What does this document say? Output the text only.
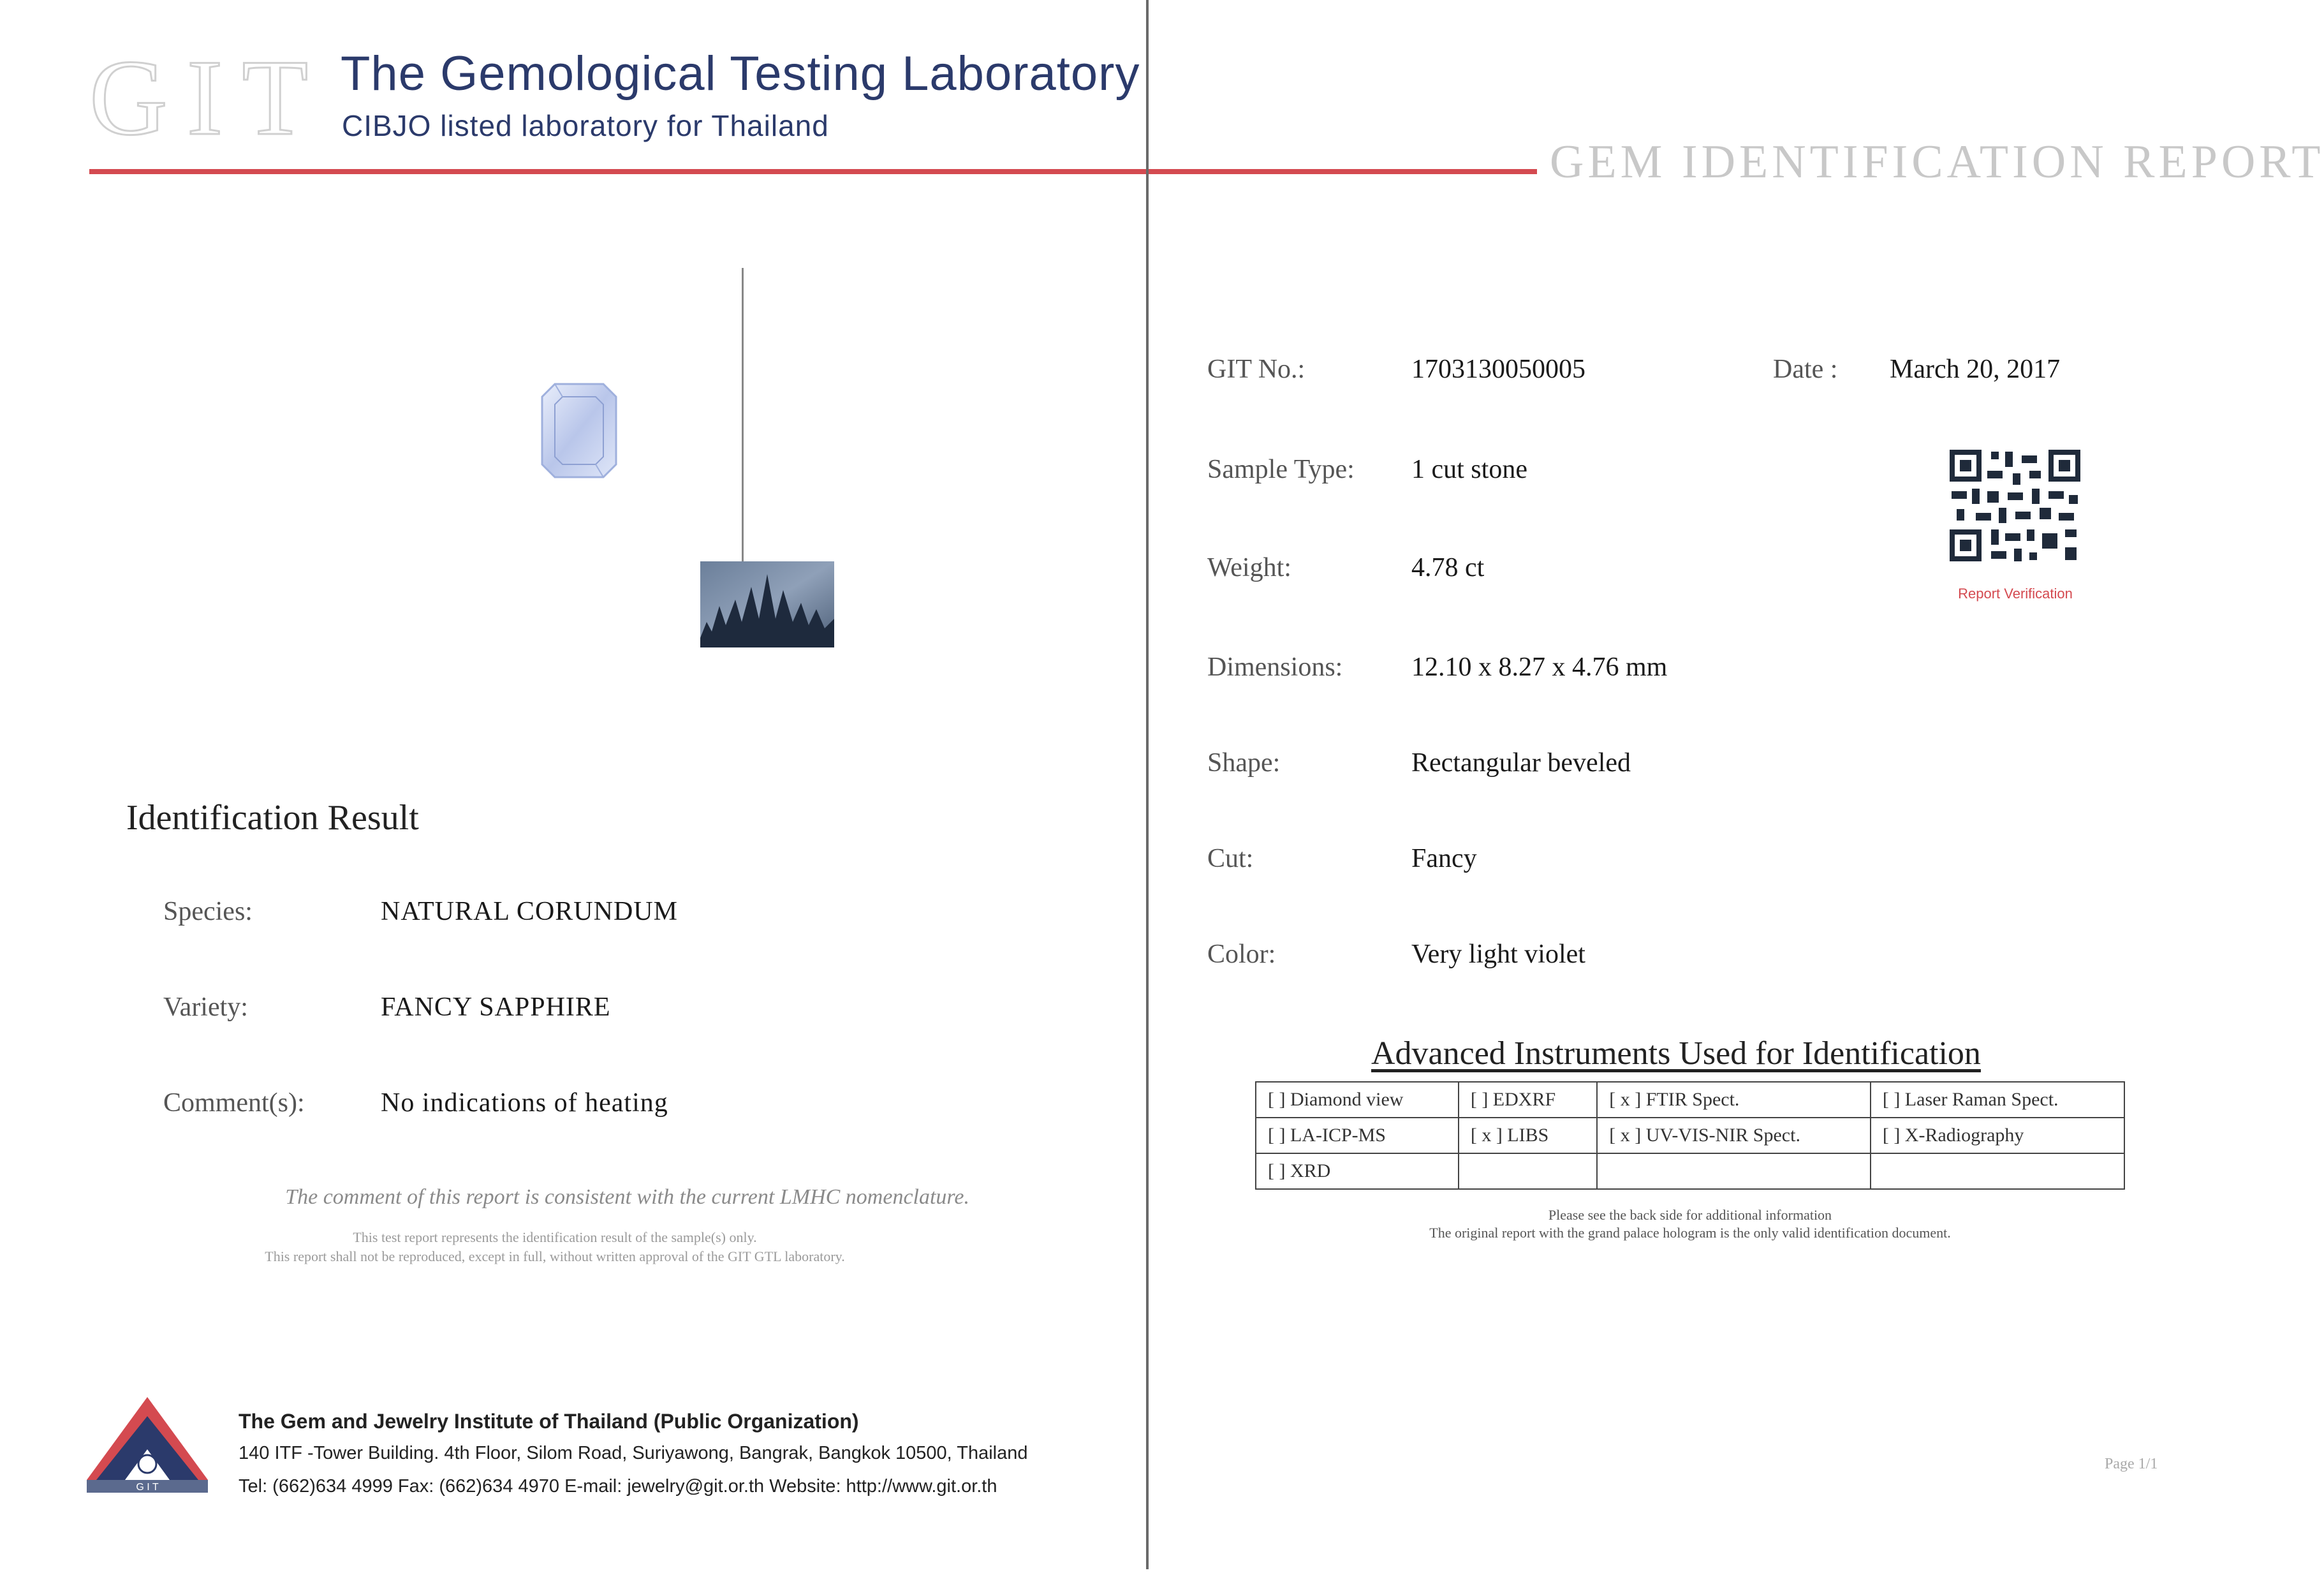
GIT The Gemological Testing Laboratory
CIBJO listed laboratory for Thailand
GEM IDENTIFICATION REPORT
Identification Result
Species:	NATURAL CORUNDUM
Variety:	FANCY SAPPHIRE
Comment(s):	No indications of heating
The comment of this report is consistent with the current LMHC nomenclature.
This test report represents the identification result of the sample(s) only.
This report shall not be reproduced, except in full, without written approval of the GIT GTL laboratory.
G I T
The Gem and Jewelry Institute of Thailand (Public Organization)
140 ITF -Tower Building. 4th Floor, Silom Road, Suriyawong, Bangrak, Bangkok 10500, Thailand
Tel: (662)634 4999 Fax: (662)634 4970 E-mail: jewelry@git.or.th Website: http://www.git.or.th
GIT No.:	1703130050005	Date : March 20, 2017
Sample Type: 1 cut stone
Weight:	4.78 ct
Dimensions:	12.10 x 8.27 x 4.76 mm
Shape:	Rectangular beveled
Cut:	Fancy
Color:	Very light violet
Report Verification
Advanced Instruments Used for Identification
[ ] Diamond view	[ ] EDXRF	[ x ] FTIR Spect.	[ ] Laser Raman Spect.
[ ] LA-ICP-MS	[ x ] LIBS	[ x ] UV-VIS-NIR Spect.	[ ] X-Radiography
[ ] XRD			
Please see the back side for additional information
The original report with the grand palace hologram is the only valid identification document.
Page 1/1
